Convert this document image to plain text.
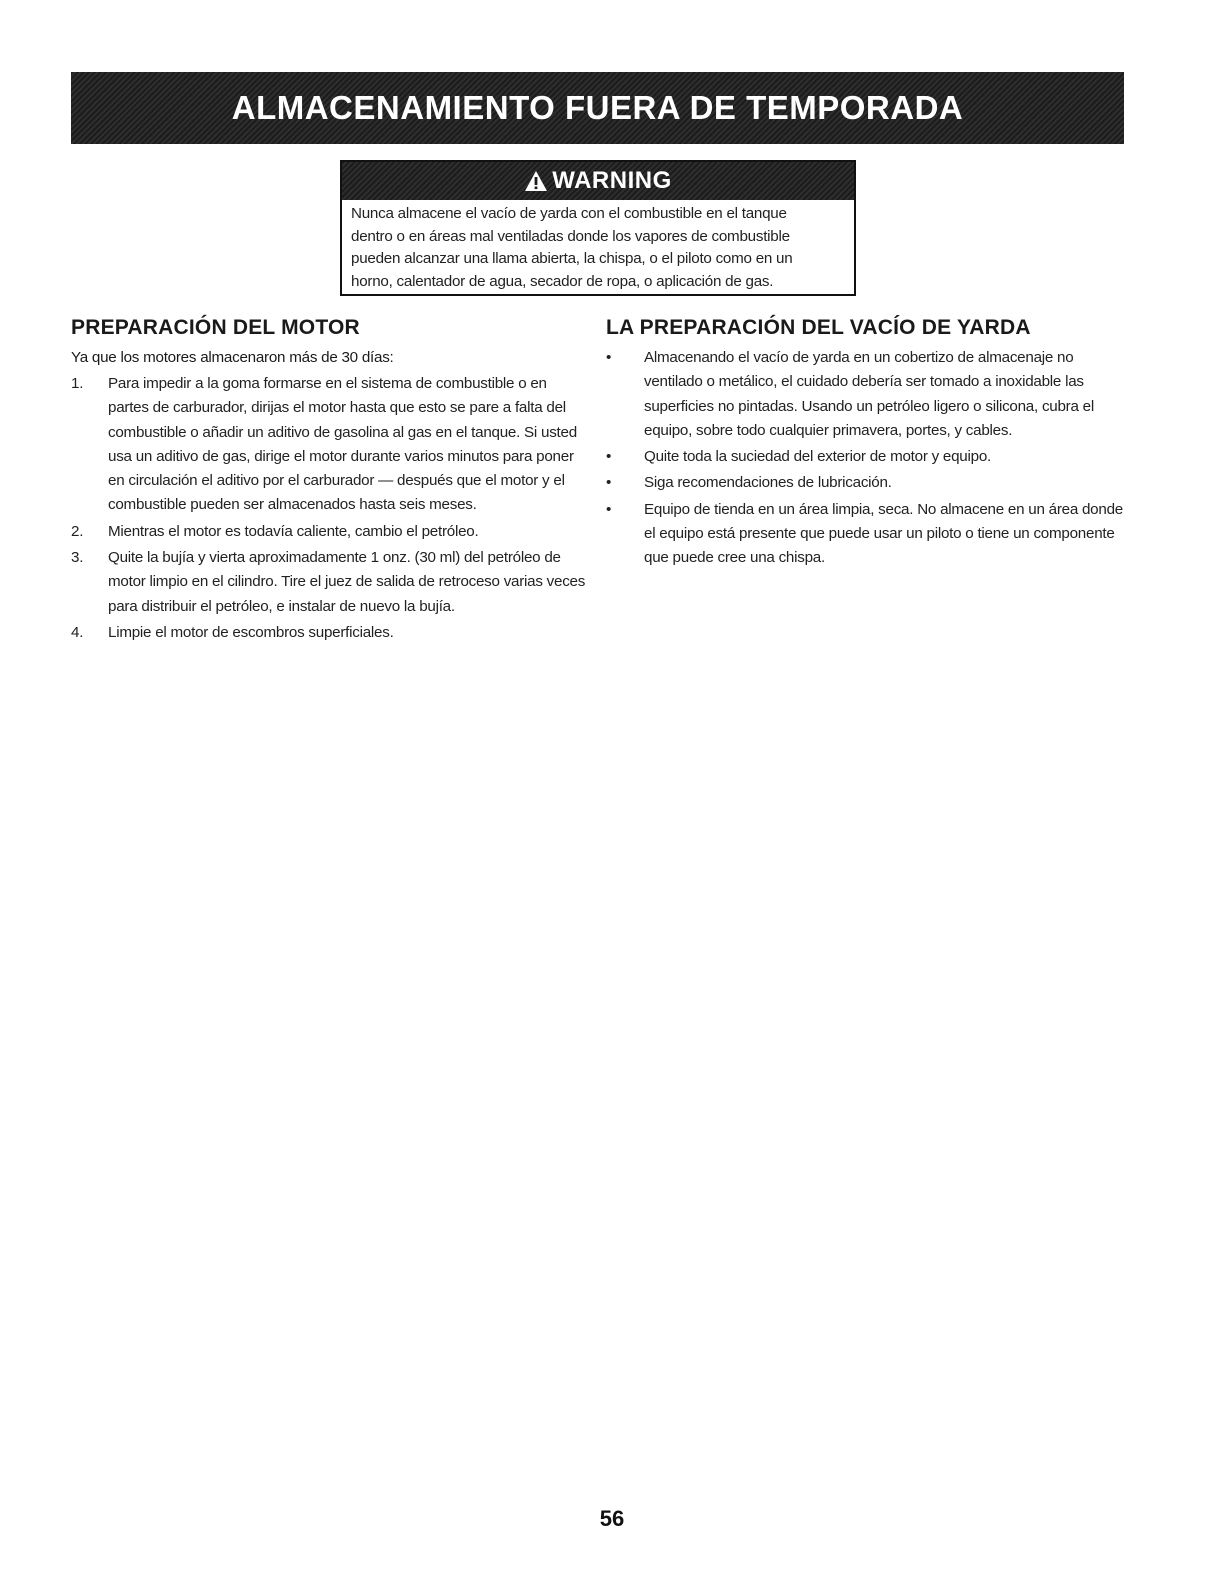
ALMACENAMIENTO FUERA DE TEMPORADA
WARNING
Nunca almacene el vacío de yarda con el combustible en el tanque
dentro o en áreas mal ventiladas donde los vapores de combustible
pueden alcanzar una llama abierta, la chispa, o el piloto como en un
horno, calentador de agua, secador de ropa, o aplicación de gas.
PREPARACIÓN DEL MOTOR

Ya que los motores almacenaron más de 30 días:

1. Para impedir a la goma formarse en el sistema de combustible o en partes de carburador, dirijas el motor hasta que esto se pare a falta del combustible o añadir un aditivo de gasolina al gas en el tanque. Si usted usa un aditivo de gas, dirige el motor durante varios minutos para poner en circulación el aditivo por el carburador — después que el motor y el combustible pueden ser almacenados hasta seis meses.
2. Mientras el motor es todavía caliente, cambio el petróleo.
3. Quite la bujía y vierta aproximadamente 1 onz. (30 ml) del petróleo de motor limpio en el cilindro. Tire el juez de salida de retroceso varias veces para distribuir el petróleo, e instalar de nuevo la bujía.
4. Limpie el motor de escombros superficiales.
LA PREPARACIÓN DEL VACÍO DE YARDA
• Almacenando el vacío de yarda en un cobertizo de almacenaje no ventilado o metálico, el cuidado debería ser tomado a inoxidable las superficies no pintadas. Usando un petróleo ligero o silicona, cubra el equipo, sobre todo cualquier primavera, portes, y cables.
• Quite toda la suciedad del exterior de motor y equipo.
• Siga recomendaciones de lubricación.
• Equipo de tienda en un área limpia, seca. No almacene en un área donde el equipo está presente que puede usar un piloto o tiene un componente que puede cree una chispa.
56
